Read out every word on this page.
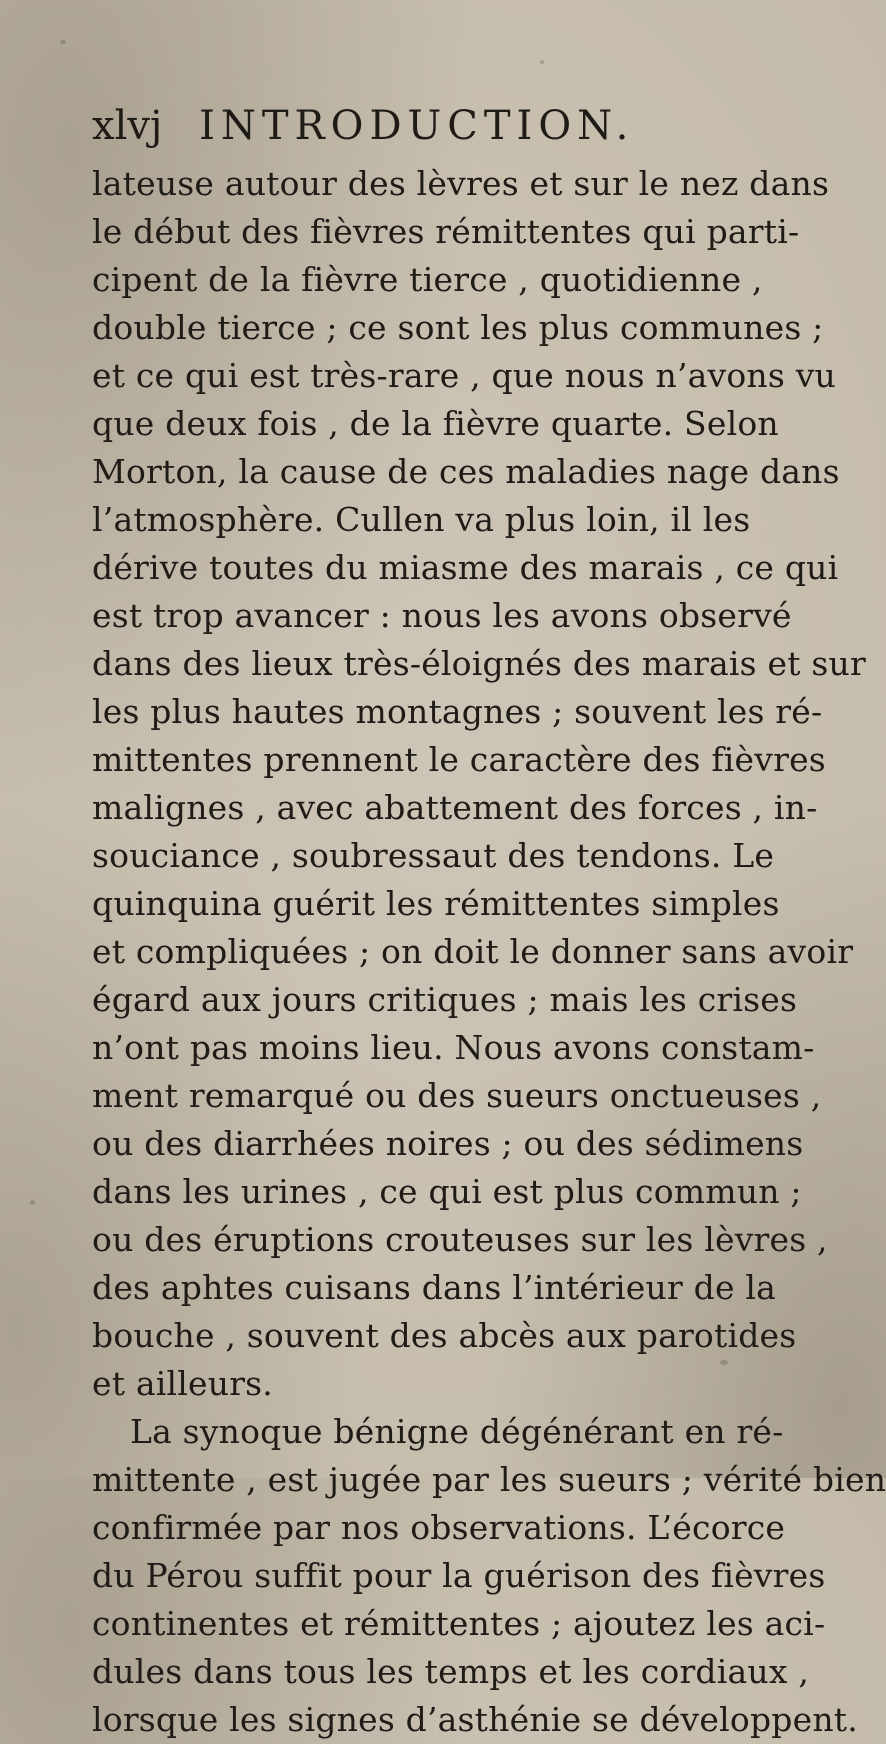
xlvj INTRODUCTION.
lateuse autour des lèvres et sur le nez dans
le début des fièvres rémittentes qui parti-
cipent de la fièvre tierce , quotidienne ,
double tierce ; ce sont les plus communes ;
et ce qui est très-rare , que nous n’avons vu
que deux fois , de la fièvre quarte. Selon
Morton, la cause de ces maladies nage dans
l’atmosphère. Cullen va plus loin, il les
dérive toutes du miasme des marais , ce qui
est trop avancer : nous les avons observé
dans des lieux très-éloignés des marais et sur
les plus hautes montagnes ; souvent les ré-
mittentes prennent le caractère des fièvres
malignes , avec abattement des forces , in-
souciance , soubressaut des tendons. Le
quinquina guérit les rémittentes simples
et compliquées ; on doit le donner sans avoir
égard aux jours critiques ; mais les crises
n’ont pas moins lieu. Nous avons constam-
ment remarqué ou des sueurs onctueuses ,
ou des diarrhées noires ; ou des sédimens
dans les urines , ce qui est plus commun ;
ou des éruptions crouteuses sur les lèvres ,
des aphtes cuisans dans l’intérieur de la
bouche , souvent des abcès aux parotides
et ailleurs.
La synoque bénigne dégénérant en ré-
mittente , est jugée par les sueurs ; vérité bien
confirmée par nos observations. L’écorce
du Pérou suffit pour la guérison des fièvres
continentes et rémittentes ; ajoutez les aci-
dules dans tous les temps et les cordiaux ,
lorsque les signes d’asthénie se développent.
